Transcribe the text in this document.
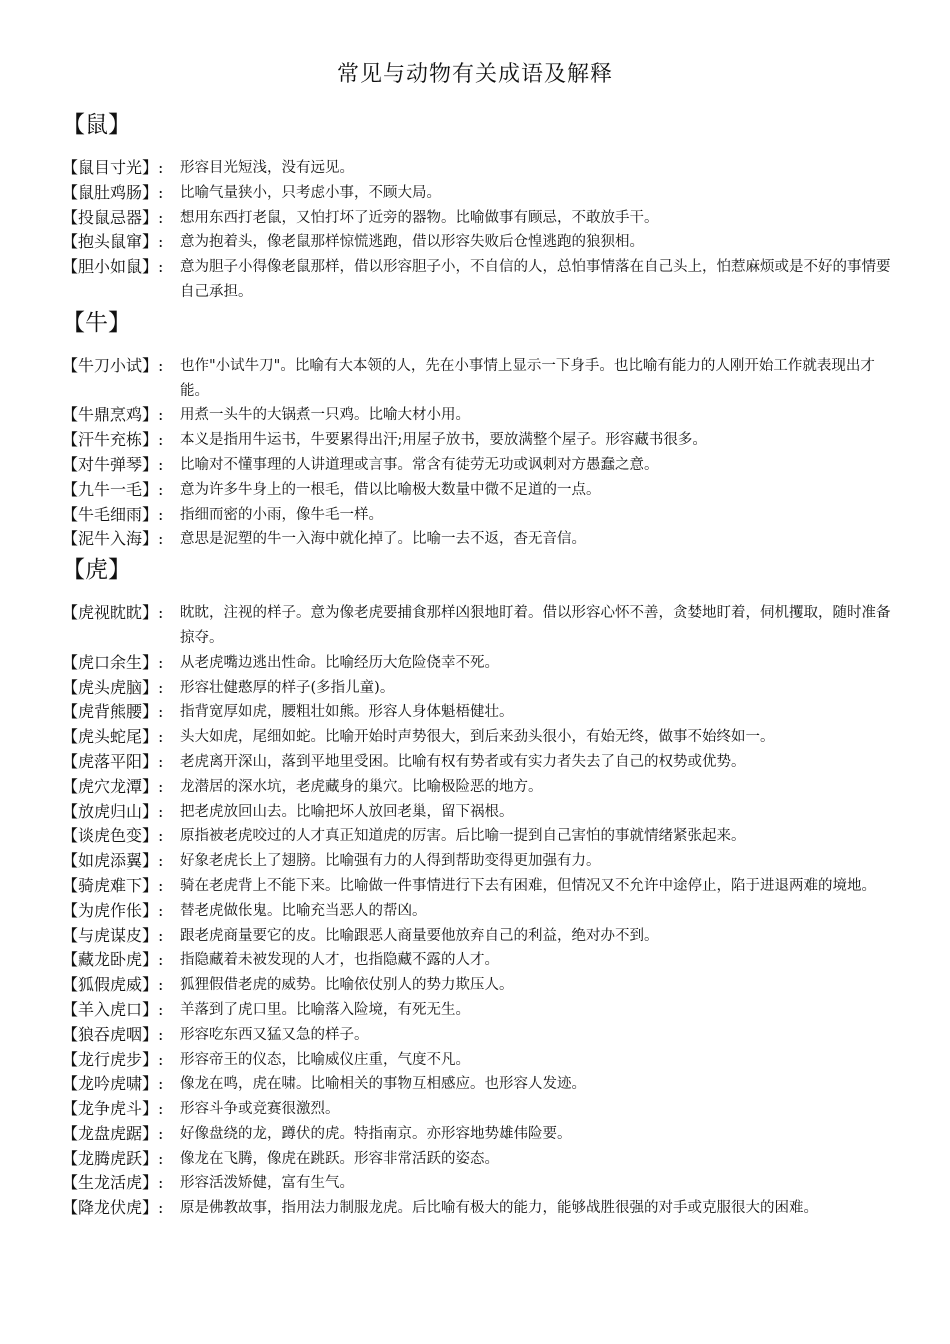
常见与动物有关成语及解释
【鼠】
【鼠目寸光】:	形容目光短浅，没有远见。
【鼠肚鸡肠】:	比喻气量狭小，只考虑小事，不顾大局。
【投鼠忌器】:	想用东西打老鼠，又怕打坏了近旁的器物。比喻做事有顾忌，不敢放手干。
【抱头鼠窜】:	意为抱着头，像老鼠那样惊慌逃跑，借以形容失败后仓惶逃跑的狼狈相。
【胆小如鼠】:	意为胆子小得像老鼠那样，借以形容胆子小，不自信的人，总怕事情落在自己头上，怕惹麻烦或是不好的事情要自己承担。
【牛】
【牛刀小试】:	也作"小试牛刀"。比喻有大本领的人，先在小事情上显示一下身手。也比喻有能力的人刚开始工作就表现出才能。
【牛鼎烹鸡】:	用煮一头牛的大锅煮一只鸡。比喻大材小用。
【汗牛充栋】:	本义是指用牛运书，牛要累得出汗;用屋子放书，要放满整个屋子。形容藏书很多。
【对牛弹琴】:	比喻对不懂事理的人讲道理或言事。常含有徒劳无功或讽刺对方愚蠢之意。
【九牛一毛】:	意为许多牛身上的一根毛，借以比喻极大数量中微不足道的一点。
【牛毛细雨】:	指细而密的小雨，像牛毛一样。
【泥牛入海】:	意思是泥塑的牛一入海中就化掉了。比喻一去不返，杳无音信。
【虎】
【虎视眈眈】:	眈眈，注视的样子。意为像老虎要捕食那样凶狠地盯着。借以形容心怀不善，贪婪地盯着，伺机攫取，随时准备掠夺。
【虎口余生】:	从老虎嘴边逃出性命。比喻经历大危险侥幸不死。
【虎头虎脑】:	形容壮健憨厚的样子(多指儿童)。
【虎背熊腰】:	指背宽厚如虎，腰粗壮如熊。形容人身体魁梧健壮。
【虎头蛇尾】:	头大如虎，尾细如蛇。比喻开始时声势很大，到后来劲头很小，有始无终，做事不始终如一。
【虎落平阳】:	老虎离开深山，落到平地里受困。比喻有权有势者或有实力者失去了自己的权势或优势。
【虎穴龙潭】:	龙潜居的深水坑，老虎藏身的巢穴。比喻极险恶的地方。
【放虎归山】:	把老虎放回山去。比喻把坏人放回老巢，留下祸根。
【谈虎色变】:	原指被老虎咬过的人才真正知道虎的厉害。后比喻一提到自己害怕的事就情绪紧张起来。
【如虎添翼】:	好象老虎长上了翅膀。比喻强有力的人得到帮助变得更加强有力。
【骑虎难下】:	骑在老虎背上不能下来。比喻做一件事情进行下去有困难，但情况又不允许中途停止，陷于进退两难的境地。
【为虎作伥】:	替老虎做伥鬼。比喻充当恶人的帮凶。
【与虎谋皮】:	跟老虎商量要它的皮。比喻跟恶人商量要他放弃自己的利益，绝对办不到。
【藏龙卧虎】:	指隐藏着未被发现的人才，也指隐藏不露的人才。
【狐假虎威】:	狐狸假借老虎的威势。比喻依仗别人的势力欺压人。
【羊入虎口】:	羊落到了虎口里。比喻落入险境，有死无生。
【狼吞虎咽】:	形容吃东西又猛又急的样子。
【龙行虎步】:	形容帝王的仪态，比喻威仪庄重，气度不凡。
【龙吟虎啸】:	像龙在鸣，虎在啸。比喻相关的事物互相感应。也形容人发迹。
【龙争虎斗】:	形容斗争或竞赛很激烈。
【龙盘虎踞】:	好像盘绕的龙，蹲伏的虎。特指南京。亦形容地势雄伟险要。
【龙腾虎跃】:	像龙在飞腾，像虎在跳跃。形容非常活跃的姿态。
【生龙活虎】:	形容活泼矫健，富有生气。
【降龙伏虎】:	原是佛教故事，指用法力制服龙虎。后比喻有极大的能力，能够战胜很强的对手或克服很大的困难。
